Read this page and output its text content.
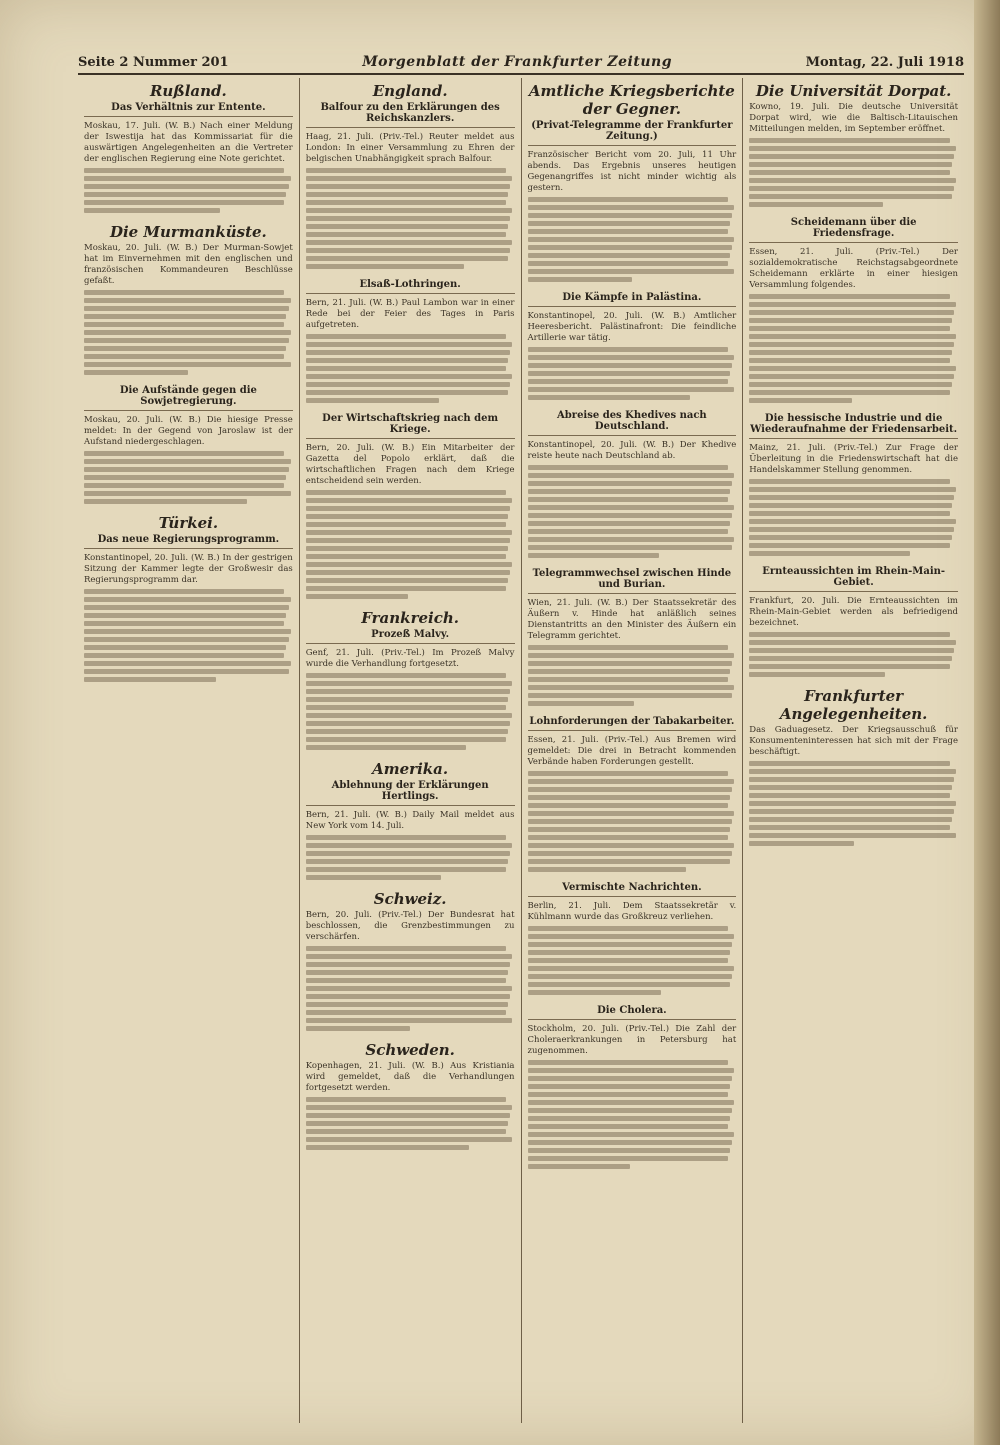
Seite 2 Nummer 201	Morgenblatt der Frankfurter Zeitung	Montag, 22. Juli 1918
Rußland.
Das Verhältnis zur Entente.

Moskau, 17. Juli. (W. B.) Nach einer Meldung der Iswestija hat das Kommissariat für die auswärtigen Angelegenheiten an die Vertreter der englischen Regierung eine Note gerichtet.

Die Murmanküste.

Moskau, 20. Juli. (W. B.) Der Murman-Sowjet hat im Einvernehmen mit den englischen und französischen Kommandeuren Beschlüsse gefaßt.

Die Aufstände gegen die Sowjetregierung.

Moskau, 20. Juli. (W. B.) Die hiesige Presse meldet: In der Gegend von Jaroslaw ist der Aufstand niedergeschlagen.

Türkei.
Das neue Regierungsprogramm.

Konstantinopel, 20. Juli. (W. B.) In der gestrigen Sitzung der Kammer legte der Großwesir das Regierungsprogramm dar.

England.
Balfour zu den Erklärungen des Reichskanzlers.

Haag, 21. Juli. (Priv.-Tel.) Reuter meldet aus London: In einer Versammlung zu Ehren der belgischen Unabhängigkeit sprach Balfour.

Elsaß-Lothringen.

Bern, 21. Juli. (W. B.) Paul Lambon war in einer Rede bei der Feier des Tages in Paris aufgetreten.

Der Wirtschaftskrieg nach dem Kriege.

Bern, 20. Juli. (W. B.) Ein Mitarbeiter der Gazetta del Popolo erklärt, daß die wirtschaftlichen Fragen nach dem Kriege entscheidend sein werden.

Frankreich.
Prozeß Malvy.

Genf, 21. Juli. (Priv.-Tel.) Im Prozeß Malvy wurde die Verhandlung fortgesetzt.

Amerika.
Ablehnung der Erklärungen Hertlings.

Bern, 21. Juli. (W. B.) Daily Mail meldet aus New York vom 14. Juli.

Schweiz.

Bern, 20. Juli. (Priv.-Tel.) Der Bundesrat hat beschlossen, die Grenzbestimmungen zu verschärfen.

Schweden.

Kopenhagen, 21. Juli. (W. B.) Aus Kristiania wird gemeldet, daß die Verhandlungen fortgesetzt werden.

Amtliche Kriegsberichte der Gegner.
(Privat-Telegramme der Frankfurter Zeitung.)

Französischer Bericht vom 20. Juli, 11 Uhr abends. Das Ergebnis unseres heutigen Gegenangriffes ist nicht minder wichtig als gestern.

Die Kämpfe in Palästina.

Konstantinopel, 20. Juli. (W. B.) Amtlicher Heeresbericht. Palästinafront: Die feindliche Artillerie war tätig.

Abreise des Khedives nach Deutschland.

Konstantinopel, 20. Juli. (W. B.) Der Khedive reiste heute nach Deutschland ab.

Telegrammwechsel zwischen Hinde und Burian.

Wien, 21. Juli. (W. B.) Der Staatssekretär des Äußern v. Hinde hat anläßlich seines Dienstantritts an den Minister des Äußern ein Telegramm gerichtet.

Lohnforderungen der Tabakarbeiter.

Essen, 21. Juli. (Priv.-Tel.) Aus Bremen wird gemeldet: Die drei in Betracht kommenden Verbände haben Forderungen gestellt.

Vermischte Nachrichten.

Berlin, 21. Juli. Dem Staatssekretär v. Kühlmann wurde das Großkreuz verliehen.

Die Cholera.

Stockholm, 20. Juli. (Priv.-Tel.) Die Zahl der Choleraerkrankungen in Petersburg hat zugenommen.

Die Universität Dorpat.

Kowno, 19. Juli. Die deutsche Universität Dorpat wird, wie die Baltisch-Litauischen Mitteilungen melden, im September eröffnet.

Scheidemann über die Friedensfrage.

Essen, 21. Juli. (Priv.-Tel.) Der sozialdemokratische Reichstagsabgeordnete Scheidemann erklärte in einer hiesigen Versammlung folgendes.

Die hessische Industrie und die Wiederaufnahme der Friedensarbeit.

Mainz, 21. Juli. (Priv.-Tel.) Zur Frage der Überleitung in die Friedenswirtschaft hat die Handelskammer Stellung genommen.

Ernteaussichten im Rhein-Main-Gebiet.

Frankfurt, 20. Juli. Die Ernteaussichten im Rhein-Main-Gebiet werden als befriedigend bezeichnet.

Frankfurter Angelegenheiten.

Das Gaduagesetz. Der Kriegsausschuß für Konsumenteninteressen hat sich mit der Frage beschäftigt.
